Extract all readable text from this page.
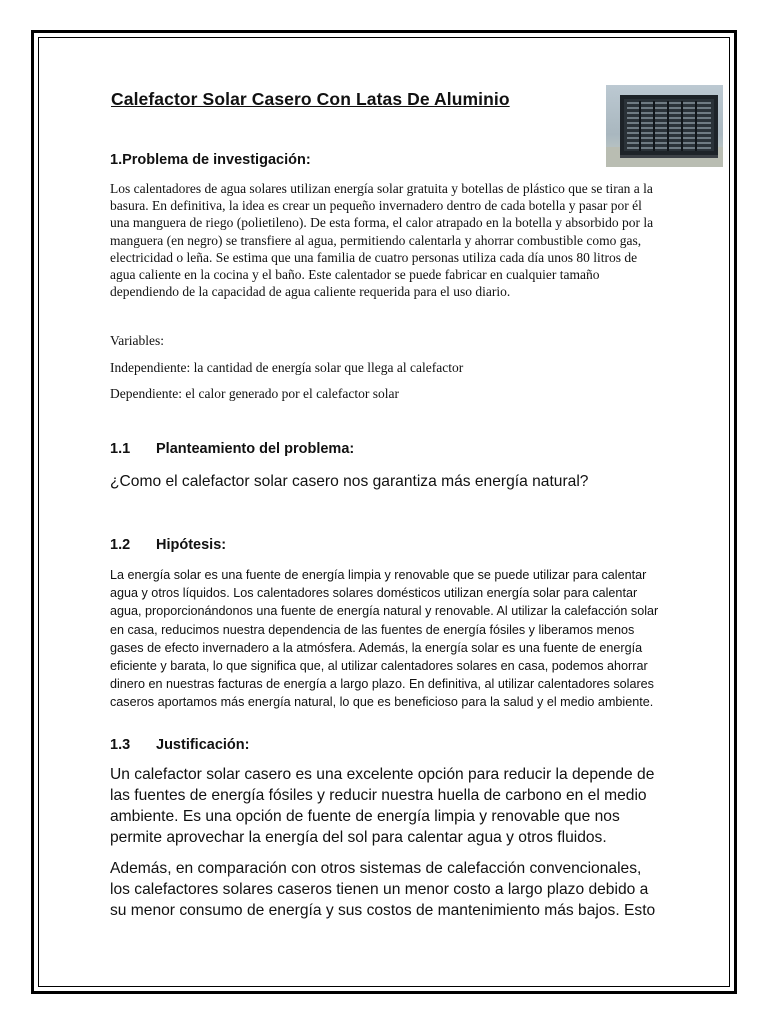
Calefactor Solar Casero Con Latas De Aluminio
1.Problema de investigación:

Los calentadores de agua solares utilizan energía solar gratuita y botellas de plástico que se tiran a la basura. En definitiva, la idea es crear un pequeño invernadero dentro de cada botella y pasar por él una manguera de riego (polietileno). De esta forma, el calor atrapado en la botella y absorbido por la manguera (en negro) se transfiere al agua, permitiendo calentarla y ahorrar combustible como gas, electricidad o leña. Se estima que una familia de cuatro personas utiliza cada día unos 80 litros de agua caliente en la cocina y el baño. Este calentador se puede fabricar en cualquier tamaño dependiendo de la capacidad de agua caliente requerida para el uso diario.

Variables:

Independiente: la cantidad de energía solar que llega al calefactor

Dependiente: el calor generado por el calefactor solar

1.1 Planteamiento del problema:

¿Como el calefactor solar casero nos garantiza más energía natural?

1.2 Hipótesis:

La energía solar es una fuente de energía limpia y renovable que se puede utilizar para calentar agua y otros líquidos. Los calentadores solares domésticos utilizan energía solar para calentar agua, proporcionándonos una fuente de energía natural y renovable. Al utilizar la calefacción solar en casa, reducimos nuestra dependencia de las fuentes de energía fósiles y liberamos menos gases de efecto invernadero a la atmósfera. Además, la energía solar es una fuente de energía eficiente y barata, lo que significa que, al utilizar calentadores solares en casa, podemos ahorrar dinero en nuestras facturas de energía a largo plazo. En definitiva, al utilizar calentadores solares caseros aportamos más energía natural, lo que es beneficioso para la salud y el medio ambiente.

1.3 Justificación:

Un calefactor solar casero es una excelente opción para reducir la depende de las fuentes de energía fósiles y reducir nuestra huella de carbono en el medio ambiente. Es una opción de fuente de energía limpia y renovable que nos permite aprovechar la energía del sol para calentar agua y otros fluidos.

Además, en comparación con otros sistemas de calefacción convencionales, los calefactores solares caseros tienen un menor costo a largo plazo debido a su menor consumo de energía y sus costos de mantenimiento más bajos. Esto
